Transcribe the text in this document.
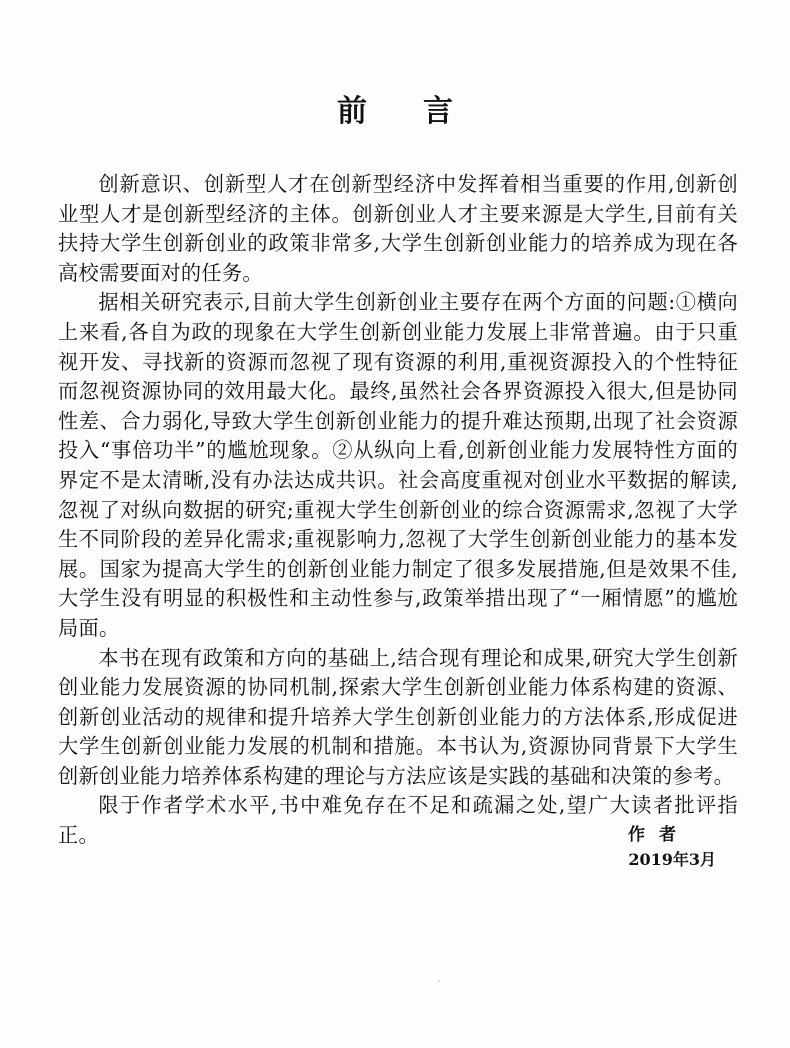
前 言

创新意识、创新型人才在创新型经济中发挥着相当重要的作用,创新创业型人才是创新型经济的主体。创新创业人才主要来源是大学生,目前有关扶持大学生创新创业的政策非常多,大学生创新创业能力的培养成为现在各高校需要面对的任务。

据相关研究表示,目前大学生创新创业主要存在两个方面的问题:①横向上来看,各自为政的现象在大学生创新创业能力发展上非常普遍。由于只重视开发、寻找新的资源而忽视了现有资源的利用,重视资源投入的个性特征而忽视资源协同的效用最大化。最终,虽然社会各界资源投入很大,但是协同性差、合力弱化,导致大学生创新创业能力的提升难达预期,出现了社会资源投入“事倍功半”的尴尬现象。②从纵向上看,创新创业能力发展特性方面的界定不是太清晰,没有办法达成共识。社会高度重视对创业水平数据的解读,忽视了对纵向数据的研究;重视大学生创新创业的综合资源需求,忽视了大学生不同阶段的差异化需求;重视影响力,忽视了大学生创新创业能力的基本发展。国家为提高大学生的创新创业能力制定了很多发展措施,但是效果不佳,大学生没有明显的积极性和主动性参与,政策举措出现了“一厢情愿”的尴尬局面。

本书在现有政策和方向的基础上,结合现有理论和成果,研究大学生创新创业能力发展资源的协同机制,探索大学生创新创业能力体系构建的资源、创新创业活动的规律和提升培养大学生创新创业能力的方法体系,形成促进大学生创新创业能力发展的机制和措施。本书认为,资源协同背景下大学生创新创业能力培养体系构建的理论与方法应该是实践的基础和决策的参考。

限于作者学术水平,书中难免存在不足和疏漏之处,望广大读者批评指正。	作者
2019年3月
